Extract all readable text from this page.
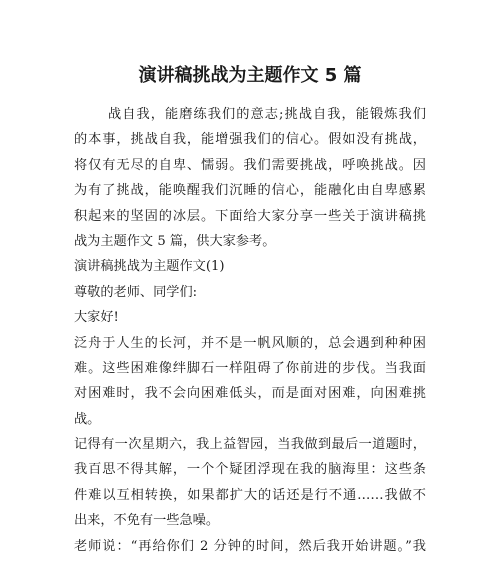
演讲稿挑战为主题作文 5 篇
战自我，能磨练我们的意志;挑战自我，能锻炼我们
的本事，挑战自我，能增强我们的信心。假如没有挑战，
将仅有无尽的自卑、懦弱。我们需要挑战，呼唤挑战。因
为有了挑战，能唤醒我们沉睡的信心，能融化由自卑感累
积起来的坚固的冰层。下面给大家分享一些关于演讲稿挑
战为主题作文 5 篇，供大家参考。
演讲稿挑战为主题作文(1)
尊敬的老师、同学们:
大家好!
泛舟于人生的长河，并不是一帆风顺的，总会遇到种种困
难。这些困难像绊脚石一样阻碍了你前进的步伐。当我面
对困难时，我不会向困难低头，而是面对困难，向困难挑
战。
记得有一次星期六，我上益智园，当我做到最后一道题时，
我百思不得其解，一个个疑团浮现在我的脑海里：这些条
件难以互相转换，如果都扩大的话还是行不通……我做不
出来，不免有一些急噪。
老师说：“再给你们 2 分钟的时间，然后我开始讲题。”我
